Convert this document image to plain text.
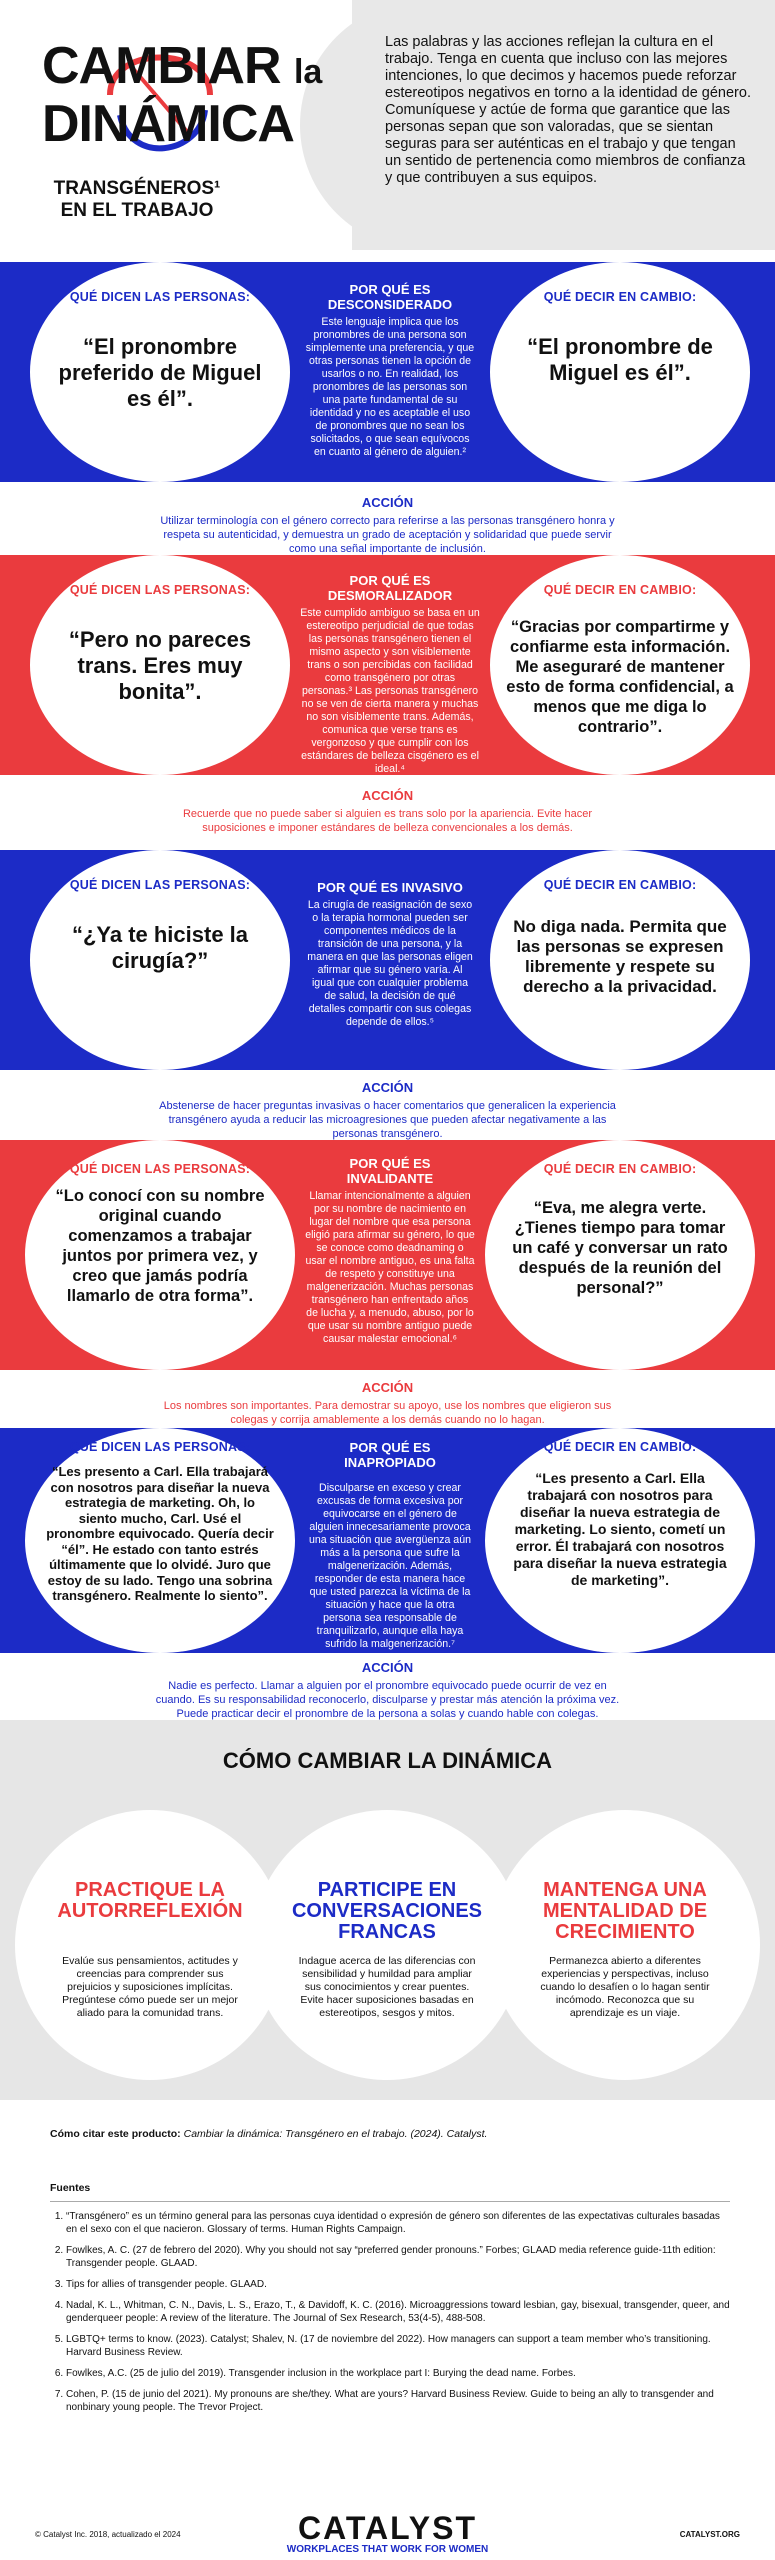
CAMBIAR la
DINÁMICA
TRANSGÉNEROS¹ EN EL TRABAJO
Las palabras y las acciones reflejan la cultura en el trabajo. Tenga en cuenta que incluso con las mejores intenciones, lo que decimos y hacemos puede reforzar estereotipos negativos en torno a la identidad de género. Comuníquese y actúe de forma que garantice que las personas sepan que son valoradas, que se sientan seguras para ser auténticas en el trabajo y que tengan un sentido de pertenencia como miembros de confianza y que contribuyen a sus equipos.
QUÉ DICEN LAS PERSONAS:
“El pronombre preferido de Miguel es él”.
POR QUÉ ES DESCONSIDERADO
Este lenguaje implica que los pronombres de una persona son simplemente una preferencia, y que otras personas tienen la opción de usarlos o no. En realidad, los pronombres de las personas son una parte fundamental de su identidad y no es aceptable el uso de pronombres que no sean los solicitados, o que sean equívocos en cuanto al género de alguien.²
QUÉ DECIR EN CAMBIO:
“El pronombre de Miguel es él”.
ACCIÓN
Utilizar terminología con el género correcto para referirse a las personas transgénero honra y respeta su autenticidad, y demuestra un grado de aceptación y solidaridad que puede servir como una señal importante de inclusión.
QUÉ DICEN LAS PERSONAS:
“Pero no pareces trans. Eres muy bonita”.
POR QUÉ ES DESMORALIZADOR
Este cumplido ambiguo se basa en un estereotipo perjudicial de que todas las personas transgénero tienen el mismo aspecto y son visiblemente trans o son percibidas con facilidad como transgénero por otras personas.³ Las personas transgénero no se ven de cierta manera y muchas no son visiblemente trans. Además, comunica que verse trans es vergonzoso y que cumplir con los estándares de belleza cisgénero es el ideal.⁴
QUÉ DECIR EN CAMBIO:
“Gracias por compartirme y confiarme esta información. Me aseguraré de mantener esto de forma confidencial, a menos que me diga lo contrario”.
ACCIÓN
Recuerde que no puede saber si alguien es trans solo por la apariencia. Evite hacer suposiciones e imponer estándares de belleza convencionales a los demás.
QUÉ DICEN LAS PERSONAS:
“¿Ya te hiciste la cirugía?”
POR QUÉ ES INVASIVO
La cirugía de reasignación de sexo o la terapia hormonal pueden ser componentes médicos de la transición de una persona, y la manera en que las personas eligen afirmar que su género varía. Al igual que con cualquier problema de salud, la decisión de qué detalles compartir con sus colegas depende de ellos.⁵
QUÉ DECIR EN CAMBIO:
No diga nada. Permita que las personas se expresen libremente y respete su derecho a la privacidad.
ACCIÓN
Abstenerse de hacer preguntas invasivas o hacer comentarios que generalicen la experiencia transgénero ayuda a reducir las microagresiones que pueden afectar negativamente a las personas transgénero.
QUÉ DICEN LAS PERSONAS:
“Lo conocí con su nombre original cuando comenzamos a trabajar juntos por primera vez, y creo que jamás podría llamarlo de otra forma”.
POR QUÉ ES INVALIDANTE
Llamar intencionalmente a alguien por su nombre de nacimiento en lugar del nombre que esa persona eligió para afirmar su género, lo que se conoce como deadnaming o usar el nombre antiguo, es una falta de respeto y constituye una malgenerización. Muchas personas transgénero han enfrentado años de lucha y, a menudo, abuso, por lo que usar su nombre antiguo puede causar malestar emocional.⁶
QUÉ DECIR EN CAMBIO:
“Eva, me alegra verte. ¿Tienes tiempo para tomar un café y conversar un rato después de la reunión del personal?”
ACCIÓN
Los nombres son importantes. Para demostrar su apoyo, use los nombres que eligieron sus colegas y corrija amablemente a los demás cuando no lo hagan.
QUÉ DICEN LAS PERSONAS:
“Les presento a Carl. Ella trabajará con nosotros para diseñar la nueva estrategia de marketing. Oh, lo siento mucho, Carl. Usé el pronombre equivocado. Quería decir “él”. He estado con tanto estrés últimamente que lo olvidé. Juro que estoy de su lado. Tengo una sobrina transgénero. Realmente lo siento”.
POR QUÉ ES INAPROPIADO
Disculparse en exceso y crear excusas de forma excesiva por equivocarse en el género de alguien innecesariamente provoca una situación que avergüenza aún más a la persona que sufre la malgenerización. Además, responder de esta manera hace que usted parezca la víctima de la situación y hace que la otra persona sea responsable de tranquilizarlo, aunque ella haya sufrido la malgenerización.⁷
QUÉ DECIR EN CAMBIO:
“Les presento a Carl. Ella trabajará con nosotros para diseñar la nueva estrategia de marketing. Lo siento, cometí un error. Él trabajará con nosotros para diseñar la nueva estrategia de marketing”.
ACCIÓN
Nadie es perfecto. Llamar a alguien por el pronombre equivocado puede ocurrir de vez en cuando. Es su responsabilidad reconocerlo, disculparse y prestar más atención la próxima vez. Puede practicar decir el pronombre de la persona a solas y cuando hable con colegas.
CÓMO CAMBIAR LA DINÁMICA
PRACTIQUE LA AUTORREFLEXIÓN
Evalúe sus pensamientos, actitudes y creencias para comprender sus prejuicios y suposiciones implícitas. Pregúntese cómo puede ser un mejor aliado para la comunidad trans.
PARTICIPE EN CONVERSACIONES FRANCAS
Indague acerca de las diferencias con sensibilidad y humildad para ampliar sus conocimientos y crear puentes. Evite hacer suposiciones basadas en estereotipos, sesgos y mitos.
MANTENGA UNA MENTALIDAD DE CRECIMIENTO
Permanezca abierto a diferentes experiencias y perspectivas, incluso cuando lo desafíen o lo hagan sentir incómodo. Reconozca que su aprendizaje es un viaje.
Cómo citar este producto: Cambiar la dinámica: Transgénero en el trabajo. (2024). Catalyst.
Fuentes
1. “Transgénero” es un término general para las personas cuya identidad o expresión de género son diferentes de las expectativas culturales basadas en el sexo con el que nacieron. Glossary of terms. Human Rights Campaign.
2. Fowlkes, A. C. (27 de febrero del 2020). Why you should not say “preferred gender pronouns.” Forbes; GLAAD media reference guide-11th edition: Transgender people. GLAAD.
3. Tips for allies of transgender people. GLAAD.
4. Nadal, K. L., Whitman, C. N., Davis, L. S., Erazo, T., & Davidoff, K. C. (2016). Microaggressions toward lesbian, gay, bisexual, transgender, queer, and genderqueer people: A review of the literature. The Journal of Sex Research, 53(4-5), 488-508.
5. LGBTQ+ terms to know. (2023). Catalyst; Shalev, N. (17 de noviembre del 2022). How managers can support a team member who’s transitioning. Harvard Business Review.
6. Fowlkes, A.C. (25 de julio del 2019). Transgender inclusion in the workplace part I: Burying the dead name. Forbes.
7. Cohen, P. (15 de junio del 2021). My pronouns are she/they. What are yours? Harvard Business Review. Guide to being an ally to transgender and nonbinary young people. The Trevor Project.
© Catalyst Inc. 2018, actualizado el 2024	CATALYST
WORKPLACES THAT WORK FOR WOMEN
CATALYST.ORG
